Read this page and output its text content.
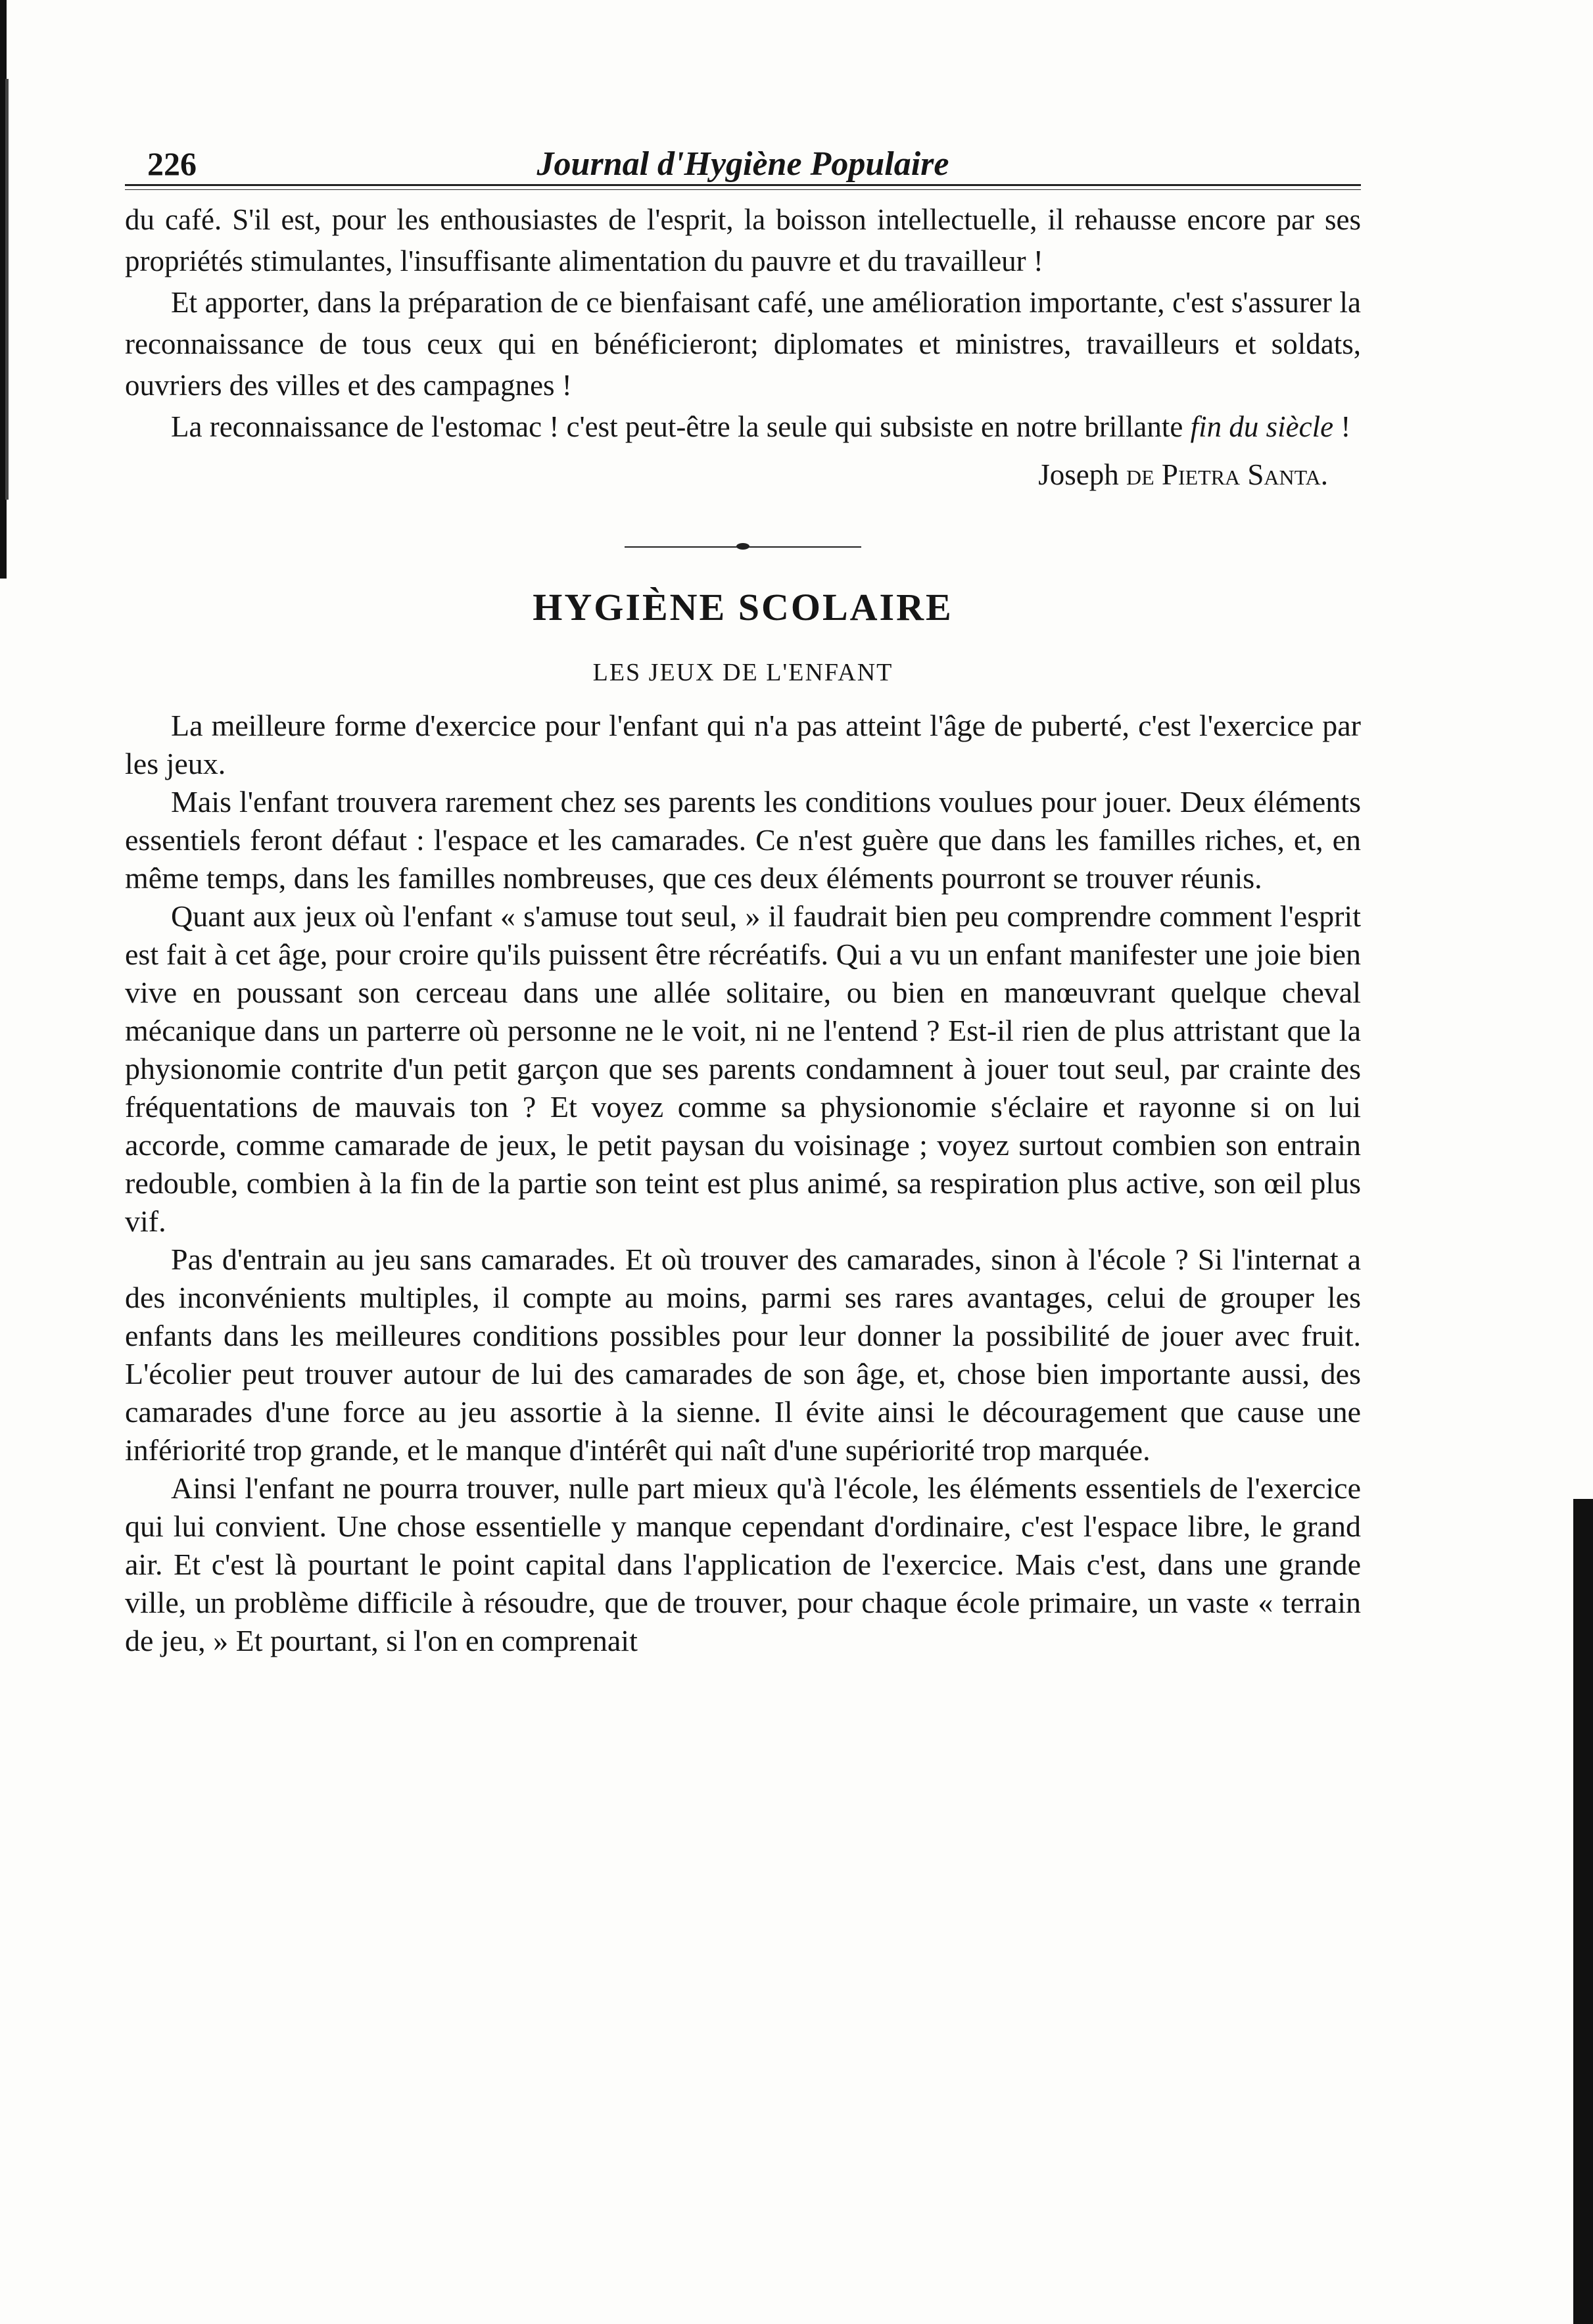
226	Journal d'Hygiène Populaire

du café. S'il est, pour les enthousiastes de l'esprit, la boisson intellectuelle, il rehausse encore par ses propriétés stimulantes, l'insuffisante alimentation du pauvre et du travailleur !

Et apporter, dans la préparation de ce bienfaisant café, une amélioration importante, c'est s'assurer la reconnaissance de tous ceux qui en bénéficieront; diplomates et ministres, travailleurs et soldats, ouvriers des villes et des campagnes !

La reconnaissance de l'estomac ! c'est peut-être la seule qui subsiste en notre brillante fin du siècle !

Joseph de Pietra Santa.
HYGIÈNE SCOLAIRE
LES JEUX DE L'ENFANT

La meilleure forme d'exercice pour l'enfant qui n'a pas atteint l'âge de puberté, c'est l'exercice par les jeux.

Mais l'enfant trouvera rarement chez ses parents les conditions voulues pour jouer. Deux éléments essentiels feront défaut : l'espace et les camarades. Ce n'est guère que dans les familles riches, et, en même temps, dans les familles nombreuses, que ces deux éléments pourront se trouver réunis.

Quant aux jeux où l'enfant « s'amuse tout seul, » il faudrait bien peu comprendre comment l'esprit est fait à cet âge, pour croire qu'ils puissent être récréatifs. Qui a vu un enfant manifester une joie bien vive en poussant son cerceau dans une allée solitaire, ou bien en manœuvrant quelque cheval mécanique dans un parterre où personne ne le voit, ni ne l'entend ? Est-il rien de plus attristant que la physionomie contrite d'un petit garçon que ses parents condamnent à jouer tout seul, par crainte des fréquentations de mauvais ton ? Et voyez comme sa physionomie s'éclaire et rayonne si on lui accorde, comme camarade de jeux, le petit paysan du voisinage ; voyez surtout combien son entrain redouble, combien à la fin de la partie son teint est plus animé, sa respiration plus active, son œil plus vif.

Pas d'entrain au jeu sans camarades. Et où trouver des camarades, sinon à l'école ? Si l'internat a des inconvénients multiples, il compte au moins, parmi ses rares avantages, celui de grouper les enfants dans les meilleures conditions possibles pour leur donner la possibilité de jouer avec fruit. L'écolier peut trouver autour de lui des camarades de son âge, et, chose bien importante aussi, des camarades d'une force au jeu assortie à la sienne. Il évite ainsi le découragement que cause une infériorité trop grande, et le manque d'intérêt qui naît d'une supériorité trop marquée.

Ainsi l'enfant ne pourra trouver, nulle part mieux qu'à l'école, les éléments essentiels de l'exercice qui lui convient. Une chose essentielle y manque cependant d'ordinaire, c'est l'espace libre, le grand air. Et c'est là pourtant le point capital dans l'application de l'exercice. Mais c'est, dans une grande ville, un problème difficile à résoudre, que de trouver, pour chaque école primaire, un vaste « terrain de jeu, » Et pourtant, si l'on en comprenait
